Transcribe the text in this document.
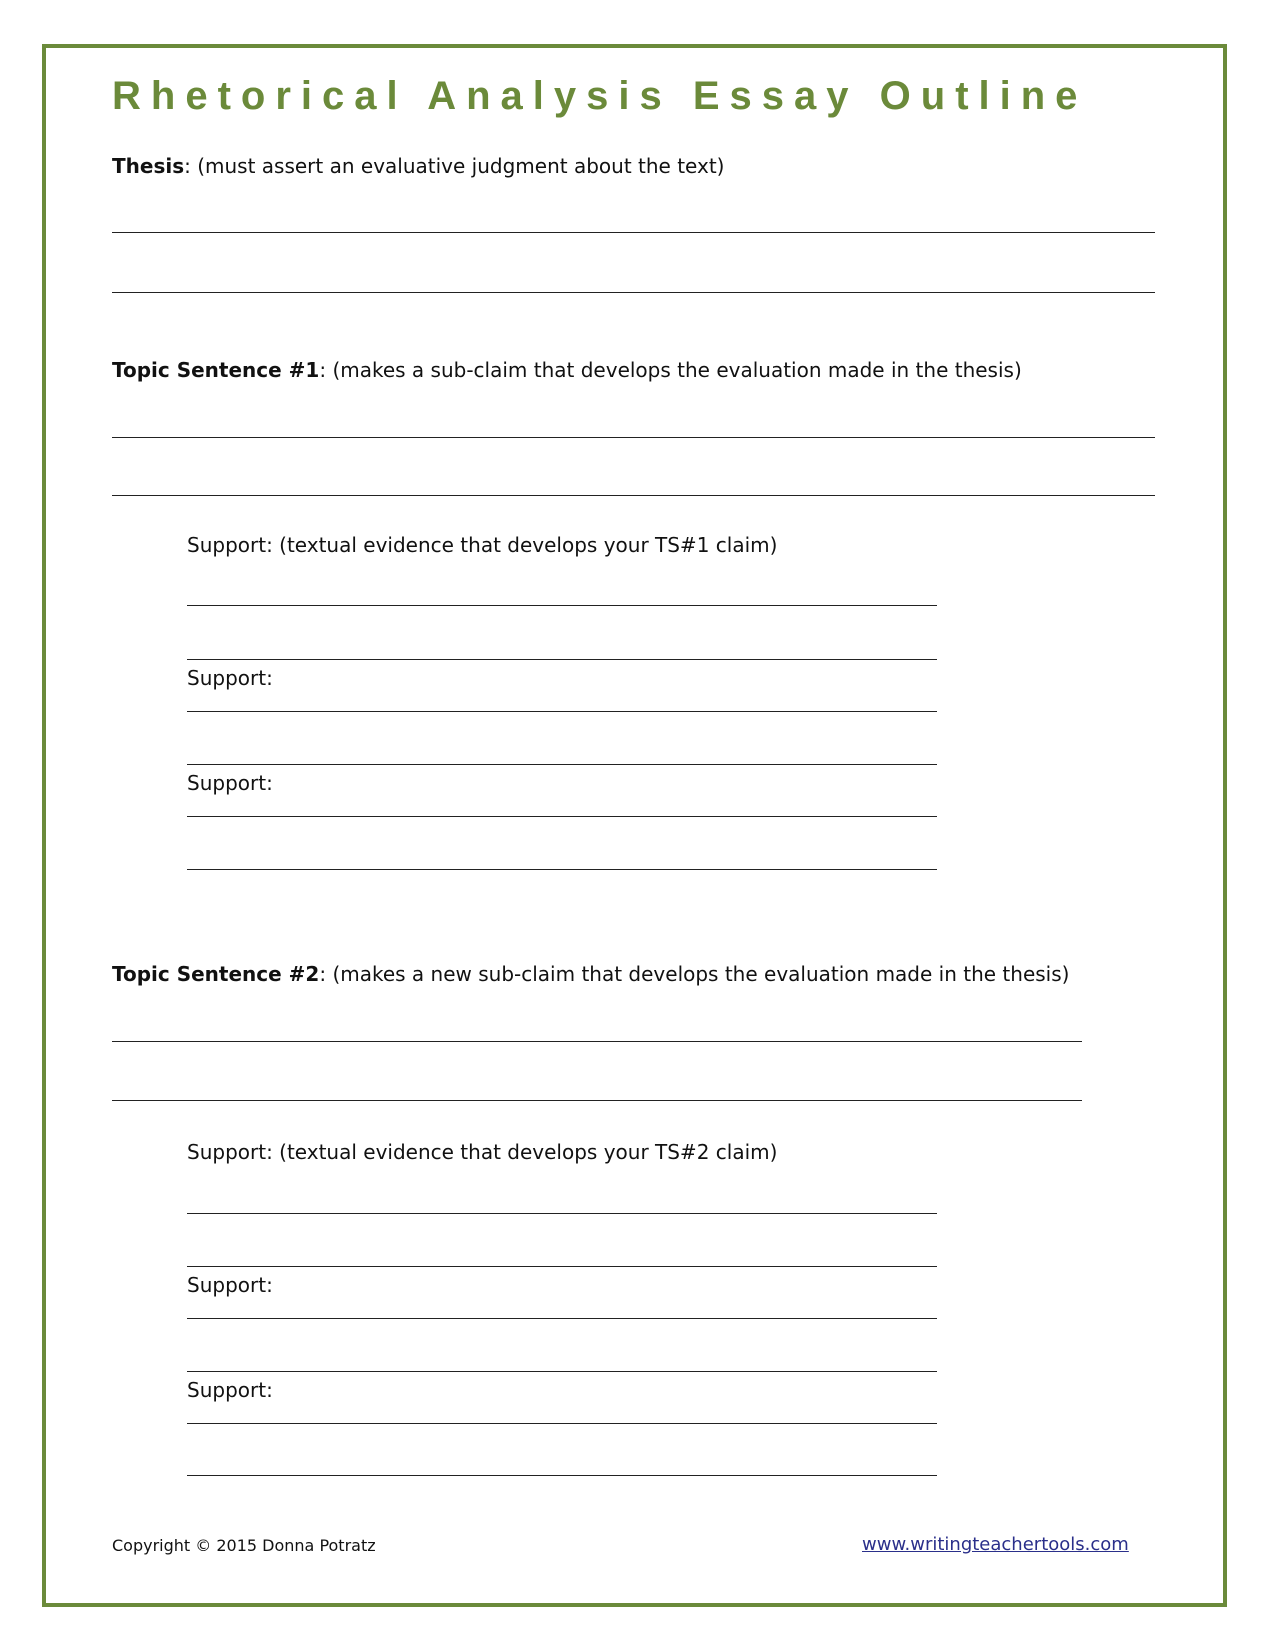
Rhetorical Analysis Essay Outline
Thesis: (must assert an evaluative judgment about the text)
Topic Sentence #1: (makes a sub-claim that develops the evaluation made in the thesis)
Support: (textual evidence that develops your TS#1 claim)
Support:
Support:
Topic Sentence #2: (makes a new sub-claim that develops the evaluation made in the thesis)
Support: (textual evidence that develops your TS#2 claim)
Support:
Support:
Copyright © 2015 Donna Potratz	www.writingteachertools.com
